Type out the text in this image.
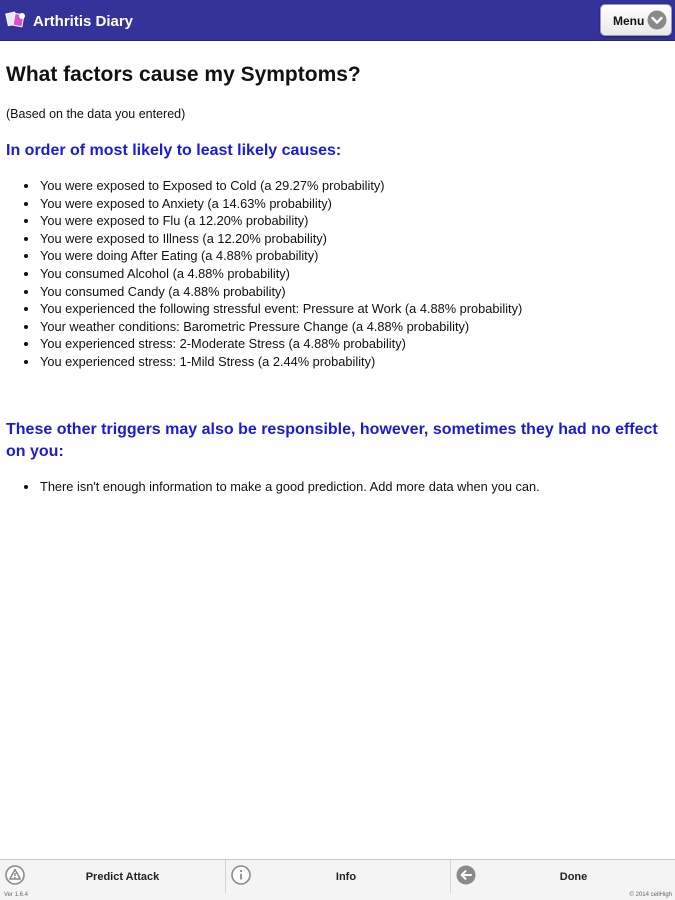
Arthritis Diary	Menu
What factors cause my Symptoms?

(Based on the data you entered)

In order of most likely to least likely causes:
You were exposed to Exposed to Cold (a 29.27% probability)
You were exposed to Anxiety (a 14.63% probability)
You were exposed to Flu (a 12.20% probability)
You were exposed to Illness (a 12.20% probability)
You were doing After Eating (a 4.88% probability)
You consumed Alcohol (a 4.88% probability)
You consumed Candy (a 4.88% probability)
You experienced the following stressful event: Pressure at Work (a 4.88% probability)
Your weather conditions: Barometric Pressure Change (a 4.88% probability)
You experienced stress: 2-Moderate Stress (a 4.88% probability)
You experienced stress: 1-Mild Stress (a 2.44% probability)
These other triggers may also be responsible, however, sometimes they had no effect on you:
There isn't enough information to make a good prediction. Add more data when you can.
Predict Attack	Info	Done
Ver 1.6.4	© 2014 cellHigh
